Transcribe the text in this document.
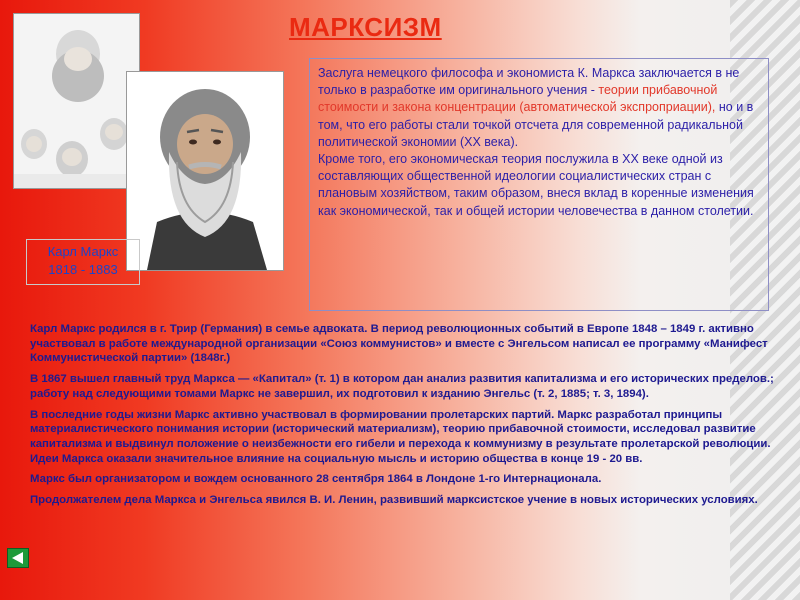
МАРКСИЗМ
Карл Маркс
1818 - 1883
Заслуга немецкого философа и экономиста К. Маркса заключается в не только в разработке им оригинального учения - теории прибавочной стоимости и закона концентрации (автоматической экспроприации), но и в том, что его работы стали точкой отсчета для современной радикальной политической экономии (XX века).
Кроме того, его экономическая теория послужила в XX веке одной из составляющих общественной идеологии социалистических стран с плановым хозяйством, таким образом, внеся вклад в коренные изменения как экономической, так и общей истории человечества в данном столетии.

Карл Маркс родился в г. Трир (Германия) в семье адвоката. В период революционных событий в Европе 1848 – 1849 г. активно участвовал в работе международной организации «Союз коммунистов» и вместе с Энгельсом написал ее программу «Манифест Коммунистической партии» (1848г.)

В 1867 вышел главный труд Маркса — «Капитал» (т. 1) в котором дан анализ развития капитализма и его исторических пределов.; работу над следующими томами Маркс не завершил, их подготовил к изданию Энгельс (т. 2, 1885; т. 3, 1894).

В последние годы жизни Маркс активно участвовал в формировании пролетарских партий. Маркс разработал принципы материалистического понимания истории (исторический материализм), теорию прибавочной стоимости, исследовал развитие капитализма и выдвинул положение о неизбежности его гибели и перехода к коммунизму в результате пролетарской революции. Идеи Маркса оказали значительное влияние на социальную мысль и историю общества в конце 19 - 20 вв.

Маркс был организатором и вождем основанного 28 сентября 1864 в Лондоне 1-го Интернационала.

Продолжателем дела Маркса и Энгельса явился В. И. Ленин, развивший марксистское учение в новых исторических условиях.
